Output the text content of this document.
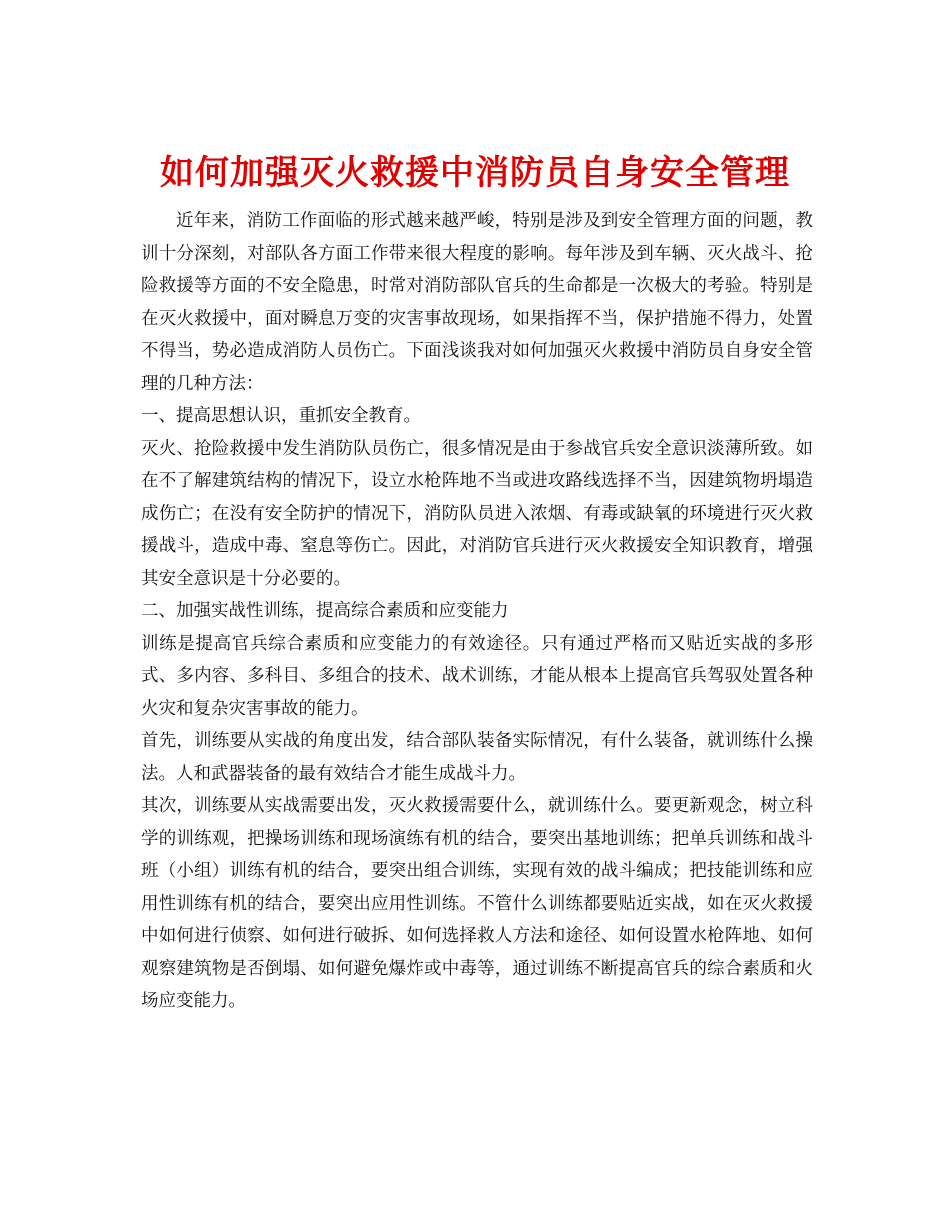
如何加强灭火救援中消防员自身安全管理

近年来，消防工作面临的形式越来越严峻，特别是涉及到安全管理方面的问题，教训十分深刻，对部队各方面工作带来很大程度的影响。每年涉及到车辆、灭火战斗、抢险救援等方面的不安全隐患，时常对消防部队官兵的生命都是一次极大的考验。特别是在灭火救援中，面对瞬息万变的灾害事故现场，如果指挥不当，保护措施不得力，处置不得当，势必造成消防人员伤亡。下面浅谈我对如何加强灭火救援中消防员自身安全管理的几种方法：

一、提高思想认识，重抓安全教育。

灭火、抢险救援中发生消防队员伤亡，很多情况是由于参战官兵安全意识淡薄所致。如在不了解建筑结构的情况下，设立水枪阵地不当或进攻路线选择不当，因建筑物坍塌造成伤亡；在没有安全防护的情况下，消防队员进入浓烟、有毒或缺氧的环境进行灭火救援战斗，造成中毒、窒息等伤亡。因此，对消防官兵进行灭火救援安全知识教育，增强其安全意识是十分必要的。

二、加强实战性训练，提高综合素质和应变能力

训练是提高官兵综合素质和应变能力的有效途径。只有通过严格而又贴近实战的多形式、多内容、多科目、多组合的技术、战术训练，才能从根本上提高官兵驾驭处置各种火灾和复杂灾害事故的能力。

首先，训练要从实战的角度出发，结合部队装备实际情况，有什么装备，就训练什么操法。人和武器装备的最有效结合才能生成战斗力。

其次，训练要从实战需要出发，灭火救援需要什么，就训练什么。要更新观念，树立科学的训练观，把操场训练和现场演练有机的结合，要突出基地训练；把单兵训练和战斗班（小组）训练有机的结合，要突出组合训练，实现有效的战斗编成；把技能训练和应用性训练有机的结合，要突出应用性训练。不管什么训练都要贴近实战，如在灭火救援中如何进行侦察、如何进行破拆、如何选择救人方法和途径、如何设置水枪阵地、如何观察建筑物是否倒塌、如何避免爆炸或中毒等，通过训练不断提高官兵的综合素质和火场应变能力。
